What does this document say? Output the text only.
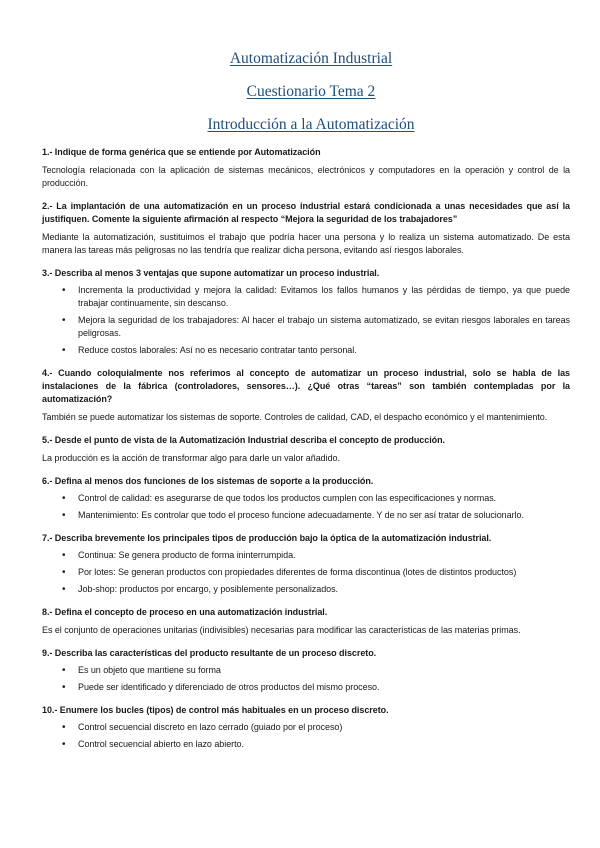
Automatización Industrial
Cuestionario Tema 2
Introducción a la Automatización
1.- Indique de forma genérica que se entiende por Automatización
Tecnología relacionada con la aplicación de sistemas mecánicos, electrónicos y computadores en la operación y control de la producción.
2.- La implantación de una automatización en un proceso industrial estará condicionada a unas necesidades que así la justifiquen. Comente la siguiente afirmación al respecto “Mejora la seguridad de los trabajadores”
Mediante la automatización, sustituimos el trabajo que podría hacer una persona y lo realiza un sistema automatizado. De esta manera las tareas más peligrosas no las tendría que realizar dicha persona, evitando así riesgos laborales.
3.- Describa al menos 3 ventajas que supone automatizar un proceso industrial.
• Incrementa la productividad y mejora la calidad: Evitamos los fallos humanos y las pérdidas de tiempo, ya que puede trabajar continuamente, sin descanso.
• Mejora la seguridad de los trabajadores: Al hacer el trabajo un sistema automatizado, se evitan riesgos laborales en tareas peligrosas.
• Reduce costos laborales: Así no es necesario contratar tanto personal.
4.- Cuando coloquialmente nos referimos al concepto de automatizar un proceso industrial, solo se habla de las instalaciones de la fábrica (controladores, sensores…). ¿Qué otras “tareas” son también contempladas por la automatización?
También se puede automatizar los sistemas de soporte. Controles de calidad, CAD, el despacho económico y el mantenimiento.
5.- Desde el punto de vista de la Automatización Industrial describa el concepto de producción.
La producción es la acción de transformar algo para darle un valor añadido.
6.- Defina al menos dos funciones de los sistemas de soporte a la producción.
• Control de calidad: es asegurarse de que todos los productos cumplen con las especificaciones y normas.
• Mantenimiento: Es controlar que todo el proceso funcione adecuadamente. Y de no ser así tratar de solucionarlo.
7.- Describa brevemente los principales tipos de producción bajo la óptica de la automatización industrial.
• Continua: Se genera producto de forma ininterrumpida.
• Por lotes: Se generan productos con propiedades diferentes de forma discontinua (lotes de distintos productos)
• Job-shop: productos por encargo, y posiblemente personalizados.
8.- Defina el concepto de proceso en una automatización industrial.
Es el conjunto de operaciones unitarias (indivisibles) necesarias para modificar las características de las materias primas.
9.- Describa las características del producto resultante de un proceso discreto.
• Es un objeto que mantiene su forma
• Puede ser identificado y diferenciado de otros productos del mismo proceso.
10.- Enumere los bucles (tipos) de control más habituales en un proceso discreto.
• Control secuencial discreto en lazo cerrado (guiado por el proceso)
• Control secuencial abierto en lazo abierto.
